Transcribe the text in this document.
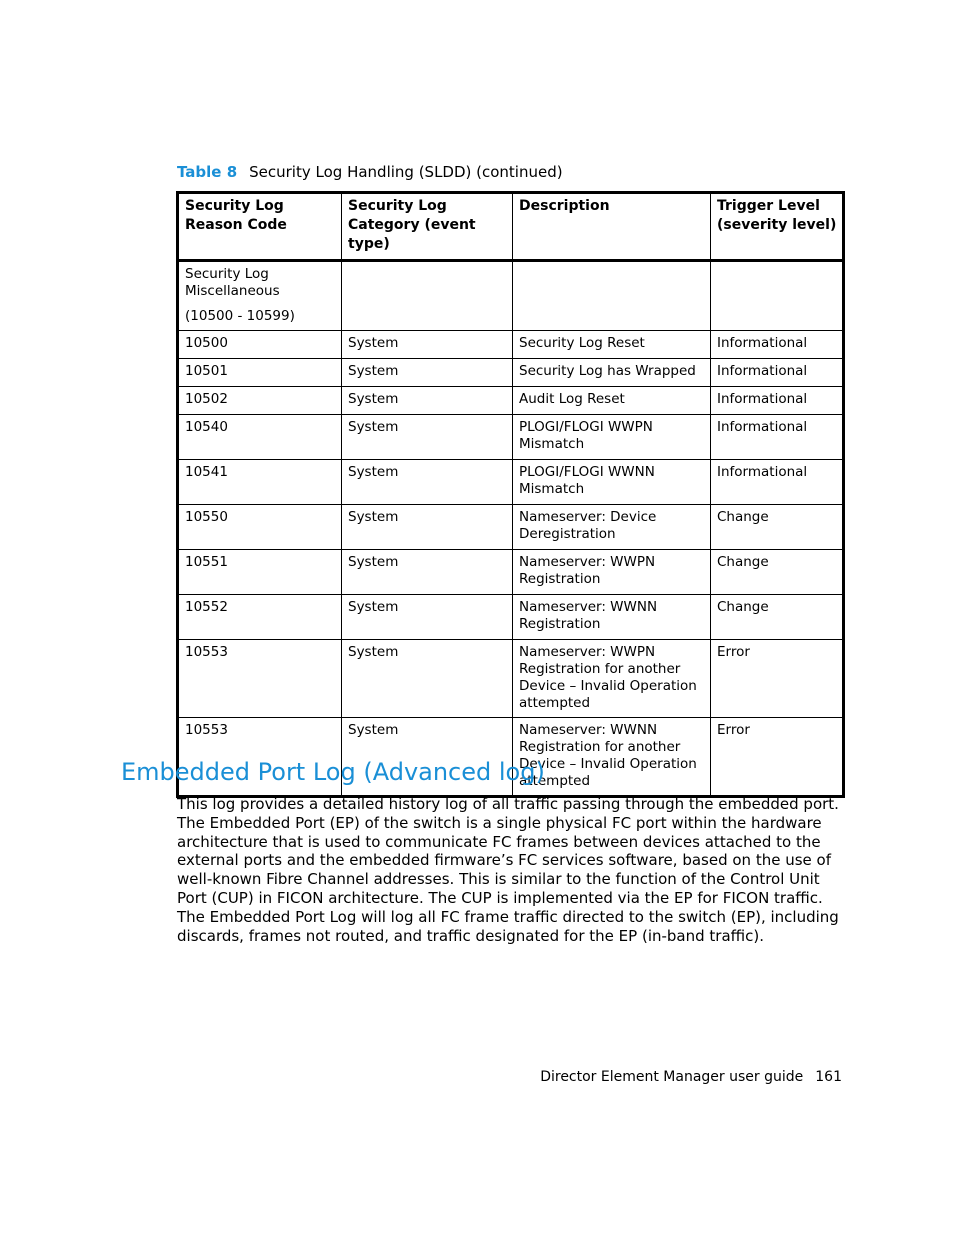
Table 8 Security Log Handling (SLDD) (continued)
Security Log Reason Code	Security Log Category (event type)	Description	Trigger Level (severity level)

Security Log Miscellaneous

(10500 - 10599)			

10500	System	Security Log Reset	Informational
10501	System	Security Log has Wrapped	Informational
10502	System	Audit Log Reset	Informational
10540	System	PLOGI/FLOGI WWPN Mismatch	Informational
10541	System	PLOGI/FLOGI WWNN Mismatch	Informational
10550	System	Nameserver: Device Deregistration	Change
10551	System	Nameserver: WWPN Registration	Change
10552	System	Nameserver: WWNN Registration	Change
10553	System	Nameserver: WWPN Registration for another Device – Invalid Operation attempted	Error
10553	System	Nameserver: WWNN Registration for another Device – Invalid Operation attempted	Error
Embedded Port Log (Advanced log)

This log provides a detailed history log of all traffic passing through the embedded port. The Embedded Port (EP) of the switch is a single physical FC port within the hardware architecture that is used to communicate FC frames between devices attached to the external ports and the embedded firmware’s FC services software, based on the use of well-known Fibre Channel addresses. This is similar to the function of the Control Unit Port (CUP) in FICON architecture. The CUP is implemented via the EP for FICON traffic. The Embedded Port Log will log all FC frame traffic directed to the switch (EP), including discards, frames not routed, and traffic designated for the EP (in-band traffic).

Director Element Manager user guide 161
